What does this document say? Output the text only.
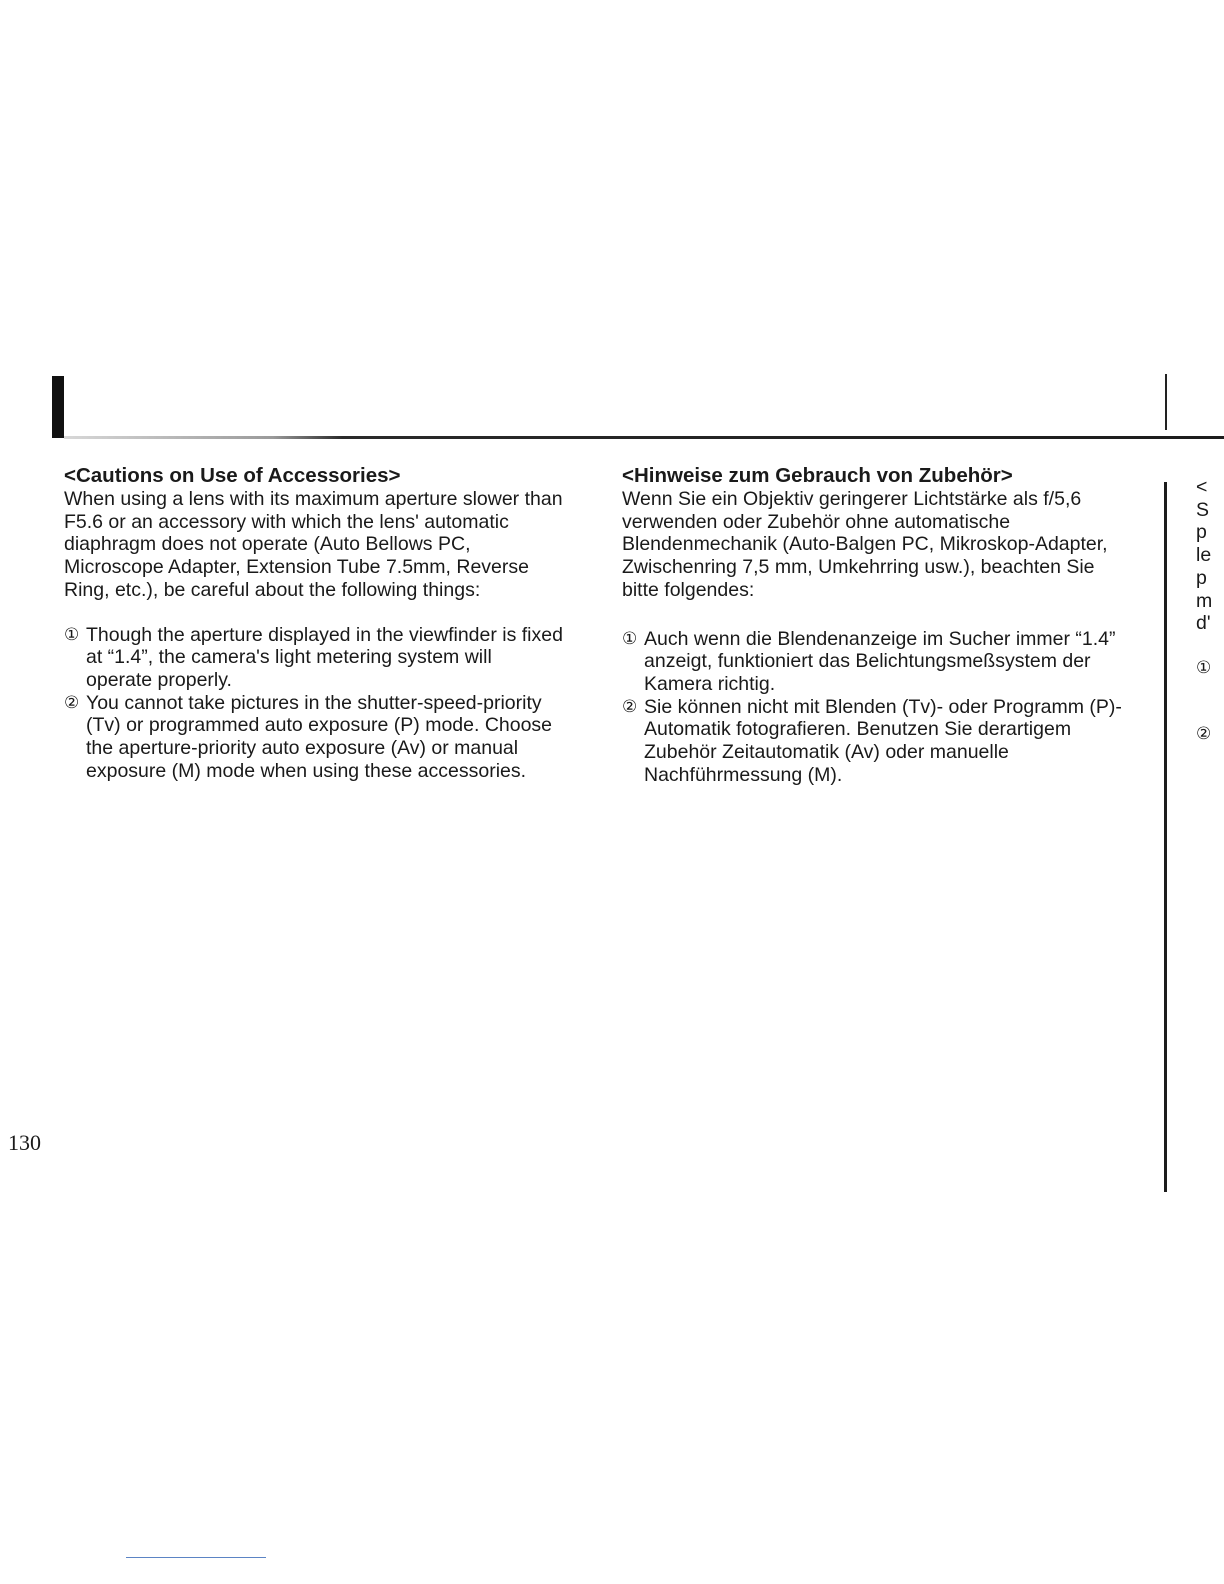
<Cautions on Use of Accessories>

When using a lens with its maximum aperture slower than
F5.6 or an accessory with which the lens' automatic
diaphragm does not operate (Auto Bellows PC,
Microscope Adapter, Extension Tube 7.5mm, Reverse
Ring, etc.), be careful about the following things:

① Though the aperture displayed in the viewfinder is fixed
at “1.4”, the camera's light metering system will
operate properly.
② You cannot take pictures in the shutter-speed-priority
(Tv) or programmed auto exposure (P) mode. Choose
the aperture-priority auto exposure (Av) or manual
exposure (M) mode when using these accessories.
<Hinweise zum Gebrauch von Zubehör>

Wenn Sie ein Objektiv geringerer Lichtstärke als f/5,6
verwenden oder Zubehör ohne automatische
Blendenmechanik (Auto-Balgen PC, Mikroskop-Adapter,
Zwischenring 7,5 mm, Umkehrring usw.), beachten Sie
bitte folgendes:

① Auch wenn die Blendenanzeige im Sucher immer “1.4”
anzeigt, funktioniert das Belichtungsmeßsystem der
Kamera richtig.
② Sie können nicht mit Blenden (Tv)- oder Programm (P)-
Automatik fotografieren. Benutzen Sie derartigem
Zubehör Zeitautomatik (Av) oder manuelle
Nachführmessung (M).
<
S
p
le
p
m
d'
①
②
130
